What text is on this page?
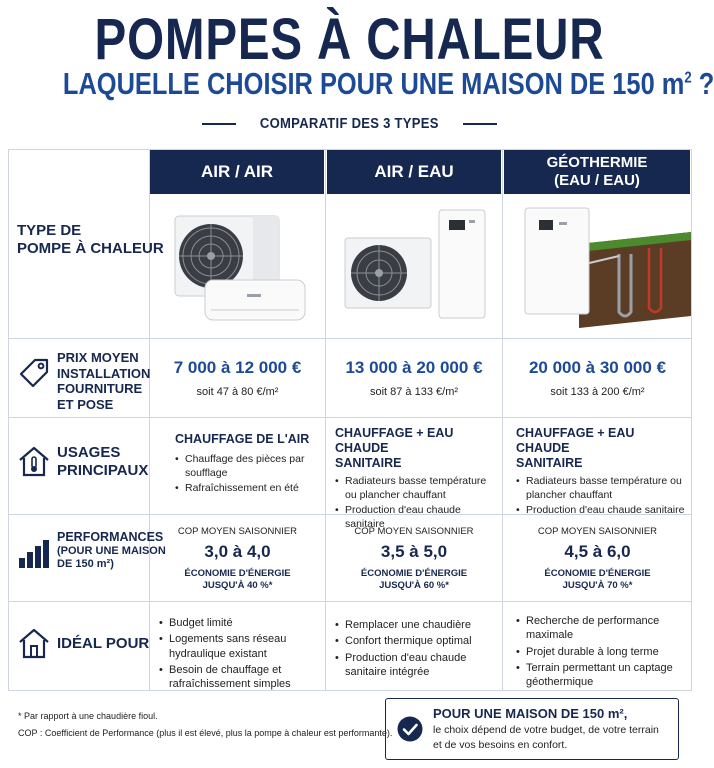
POMPES À CHALEUR
LAQUELLE CHOISIR POUR UNE MAISON DE 150 $m^2$ ?
COMPARATIF DES 3 TYPES
AIR / AIR	AIR / EAU	GÉOTHERMIE
(EAU / EAU)
TYPE DE
POMPE À CHALEUR
PRIX MOYEN
INSTALLATION
FOURNITURE
ET POSE
7 000 à 12 000 €
soit 47 à 80 €/m²
13 000 à 20 000 €
soit 87 à 133 €/m²
20 000 à 30 000 €
soit 133 à 200 €/m²
USAGES
PRINCIPAUX
CHAUFFAGE DE L'AIR
• Chauffage des pièces par soufflage
• Rafraîchissement en été
CHAUFFAGE + EAU CHAUDE
SANITAIRE
• Radiateurs basse température ou plancher chauffant
• Production d'eau chaude sanitaire
CHAUFFAGE + EAU CHAUDE
SANITAIRE
• Radiateurs basse température ou plancher chauffant
• Production d'eau chaude sanitaire
PERFORMANCES
(POUR UNE MAISON
DE 150 m²)
COP MOYEN SAISONNIER
3,0 à 4,0
ÉCONOMIE D'ÉNERGIE
JUSQU'À 40 %*
COP MOYEN SAISONNIER
3,5 à 5,0
ÉCONOMIE D'ÉNERGIE
JUSQU'À 60 %*
COP MOYEN SAISONNIER
4,5 à 6,0
ÉCONOMIE D'ÉNERGIE
JUSQU'À 70 %*
IDÉAL POUR
• Budget limité
• Logements sans réseau hydraulique existant
• Besoin de chauffage et rafraîchissement simples
• Remplacer une chaudière
• Confort thermique optimal
• Production d'eau chaude sanitaire intégrée
• Recherche de performance maximale
• Projet durable à long terme
• Terrain permettant un captage géothermique
* Par rapport à une chaudière fioul.
COP : Coefficient de Performance (plus il est élevé, plus la pompe à chaleur est performante).
POUR UNE MAISON DE 150 m²,
le choix dépend de votre budget, de votre terrain
et de vos besoins en confort.
